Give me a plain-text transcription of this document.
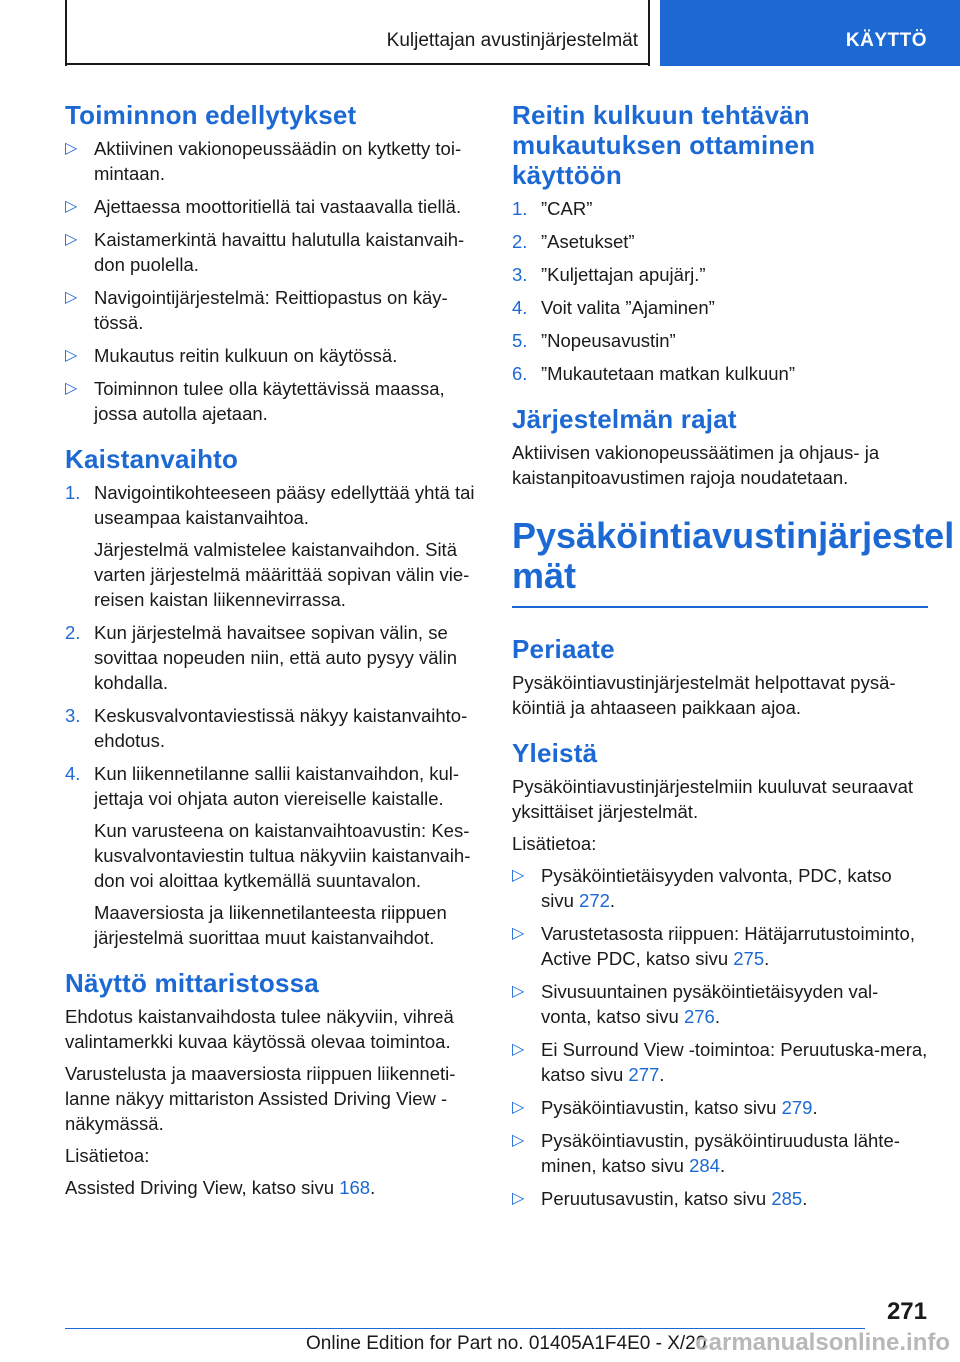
Kuljettajan avustinjärjestelmät	KÄYTTÖ
Toiminnon edellytykset
▷ Aktiivinen vakionopeussäädin on kytketty toi-mintaan.
▷ Ajettaessa moottoritiellä tai vastaavalla tiellä.
▷ Kaistamerkintä havaittu halutulla kaistanvaih-don puolella.
▷ Navigointijärjestelmä: Reittiopastus on käy-tössä.
▷ Mukautus reitin kulkuun on käytössä.
▷ Toiminnon tulee olla käytettävissä maassa, jossa autolla ajetaan.
Kaistanvaihto
1. Navigointikohteeseen pääsy edellyttää yhtä tai useampaa kaistanvaihtoa.
Järjestelmä valmistelee kaistanvaihdon. Sitä varten järjestelmä määrittää sopivan välin vie-reisen kaistan liikennevirrassa.
2. Kun järjestelmä havaitsee sopivan välin, se sovittaa nopeuden niin, että auto pysyy välin kohdalla.
3. Keskusvalvontaviestissä näkyy kaistanvaihto-ehdotus.
4. Kun liikennetilanne sallii kaistanvaihdon, kul-jettaja voi ohjata auton viereiselle kaistalle.
Kun varusteena on kaistanvaihtoavustin: Kes-kusvalvontaviestin tultua näkyviin kaistanvaih-don voi aloittaa kytkemällä suuntavalon.
Maaversiosta ja liikennetilanteesta riippuen järjestelmä suorittaa muut kaistanvaihdot.
Näyttö mittaristossa

Ehdotus kaistanvaihdosta tulee näkyviin, vihreä valintamerkki kuvaa käytössä olevaa toimintoa.

Varustelusta ja maaversiosta riippuen liikenneti-lanne näkyy mittariston Assisted Driving View -näkymässä.

Lisätietoa:

Assisted Driving View, katso sivu 168.

Reitin kulkuun tehtävän mukautuksen ottaminen käyttöön
1. ”CAR”
2. ”Asetukset”
3. ”Kuljettajan apujärj.”
4. Voit valita ”Ajaminen”
5. ”Nopeusavustin”
6. ”Mukautetaan matkan kulkuun”
Järjestelmän rajat

Aktiivisen vakionopeussäätimen ja ohjaus- ja kaistanpitoavustimen rajoja noudatetaan.

Pysäköintiavustinjärjestel mät
Periaate

Pysäköintiavustinjärjestelmät helpottavat pysä-köintiä ja ahtaaseen paikkaan ajoa.

Yleistä

Pysäköintiavustinjärjestelmiin kuuluvat seuraavat yksittäiset järjestelmät.

Lisätietoa:

▷ Pysäköintietäisyyden valvonta, PDC, katso sivu 272.
▷ Varustetasosta riippuen: Hätäjarrutustoiminto, Active PDC, katso sivu 275.
▷ Sivusuuntainen pysäköintietäisyyden val-vonta, katso sivu 276.
▷ Ei Surround View -toimintoa: Peruutuska-mera, katso sivu 277.
▷ Pysäköintiavustin, katso sivu 279.
▷ Pysäköintiavustin, pysäköintiruudusta lähte-minen, katso sivu 284.
▷ Peruutusavustin, katso sivu 285.
271
Online Edition for Part no. 01405A1F4E0 - X/20
carmanualsonline.info
